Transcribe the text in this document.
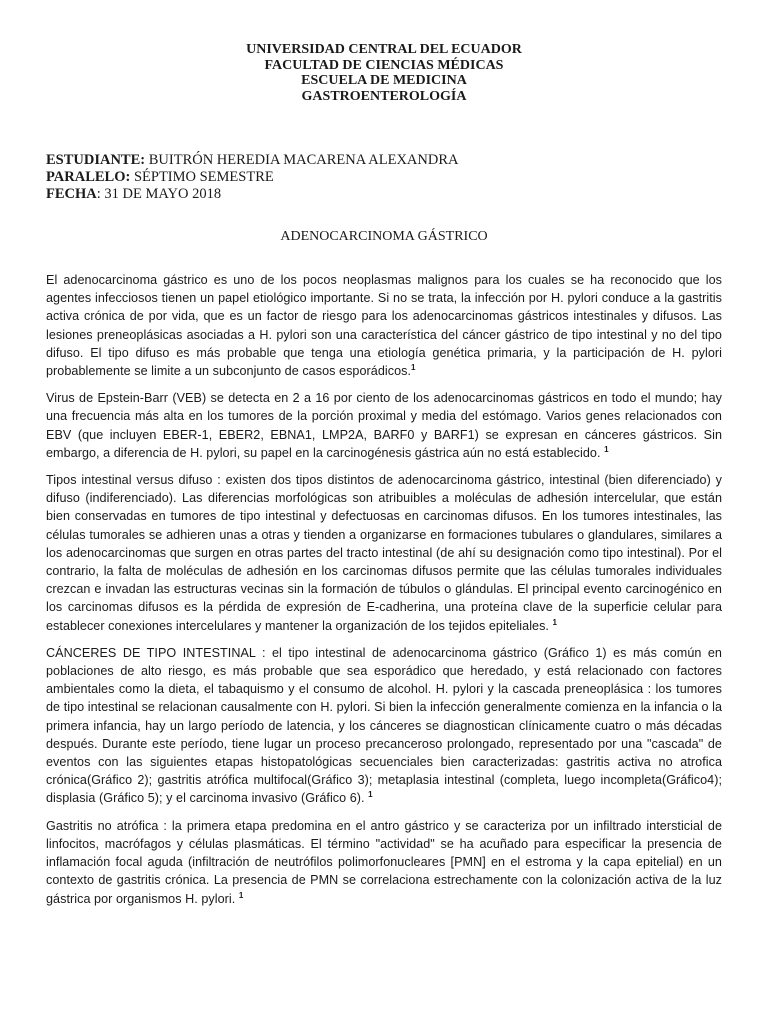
UNIVERSIDAD CENTRAL DEL ECUADOR
FACULTAD DE CIENCIAS MÉDICAS
ESCUELA DE MEDICINA
GASTROENTEROLOGÍA
ESTUDIANTE: BUITRÓN HEREDIA MACARENA ALEXANDRA
PARALELO: SÉPTIMO SEMESTRE
FECHA: 31 DE MAYO 2018
ADENOCARCINOMA GÁSTRICO

El adenocarcinoma gástrico es uno de los pocos neoplasmas malignos para los cuales se ha reconocido que los agentes infecciosos tienen un papel etiológico importante. Si no se trata, la infección por H. pylori conduce a la gastritis activa crónica de por vida, que es un factor de riesgo para los adenocarcinomas gástricos intestinales y difusos. Las lesiones preneoplásicas asociadas a H. pylori son una característica del cáncer gástrico de tipo intestinal y no del tipo difuso. El tipo difuso es más probable que tenga una etiología genética primaria, y la participación de H. pylori probablemente se limite a un subconjunto de casos esporádicos.$^1$

Virus de Epstein-Barr (VEB) se detecta en 2 a 16 por ciento de los adenocarcinomas gástricos en todo el mundo; hay una frecuencia más alta en los tumores de la porción proximal y media del estómago. Varios genes relacionados con EBV (que incluyen EBER-1, EBER2, EBNA1, LMP2A, BARF0 y BARF1) se expresan en cánceres gástricos. Sin embargo, a diferencia de H. pylori, su papel en la carcinogénesis gástrica aún no está establecido. $^1$

Tipos intestinal versus difuso : existen dos tipos distintos de adenocarcinoma gástrico, intestinal (bien diferenciado) y difuso (indiferenciado). Las diferencias morfológicas son atribuibles a moléculas de adhesión intercelular, que están bien conservadas en tumores de tipo intestinal y defectuosas en carcinomas difusos. En los tumores intestinales, las células tumorales se adhieren unas a otras y tienden a organizarse en formaciones tubulares o glandulares, similares a los adenocarcinomas que surgen en otras partes del tracto intestinal (de ahí su designación como tipo intestinal). Por el contrario, la falta de moléculas de adhesión en los carcinomas difusos permite que las células tumorales individuales crezcan e invadan las estructuras vecinas sin la formación de túbulos o glándulas. El principal evento carcinogénico en los carcinomas difusos es la pérdida de expresión de E-cadherina, una proteína clave de la superficie celular para establecer conexiones intercelulares y mantener la organización de los tejidos epiteliales. $^1$

CÁNCERES DE TIPO INTESTINAL : el tipo intestinal de adenocarcinoma gástrico (Gráfico 1) es más común en poblaciones de alto riesgo, es más probable que sea esporádico que heredado, y está relacionado con factores ambientales como la dieta, el tabaquismo y el consumo de alcohol. H. pylori y la cascada preneoplásica : los tumores de tipo intestinal se relacionan causalmente con H. pylori. Si bien la infección generalmente comienza en la infancia o la primera infancia, hay un largo período de latencia, y los cánceres se diagnostican clínicamente cuatro o más décadas después. Durante este período, tiene lugar un proceso precanceroso prolongado, representado por una "cascada" de eventos con las siguientes etapas histopatológicas secuenciales bien caracterizadas: gastritis activa no atrofica crónica(Gráfico 2); gastritis atrófica multifocal(Gráfico 3); metaplasia intestinal (completa, luego incompleta(Gráfico4); displasia (Gráfico 5); y el carcinoma invasivo (Gráfico 6). $^1$

Gastritis no atrófica : la primera etapa predomina en el antro gástrico y se caracteriza por un infiltrado intersticial de linfocitos, macrófagos y células plasmáticas. El término "actividad" se ha acuñado para especificar la presencia de inflamación focal aguda (infiltración de neutrófilos polimorfonucleares [PMN] en el estroma y la capa epitelial) en un contexto de gastritis crónica. La presencia de PMN se correlaciona estrechamente con la colonización activa de la luz gástrica por organismos H. pylori. $^1$
